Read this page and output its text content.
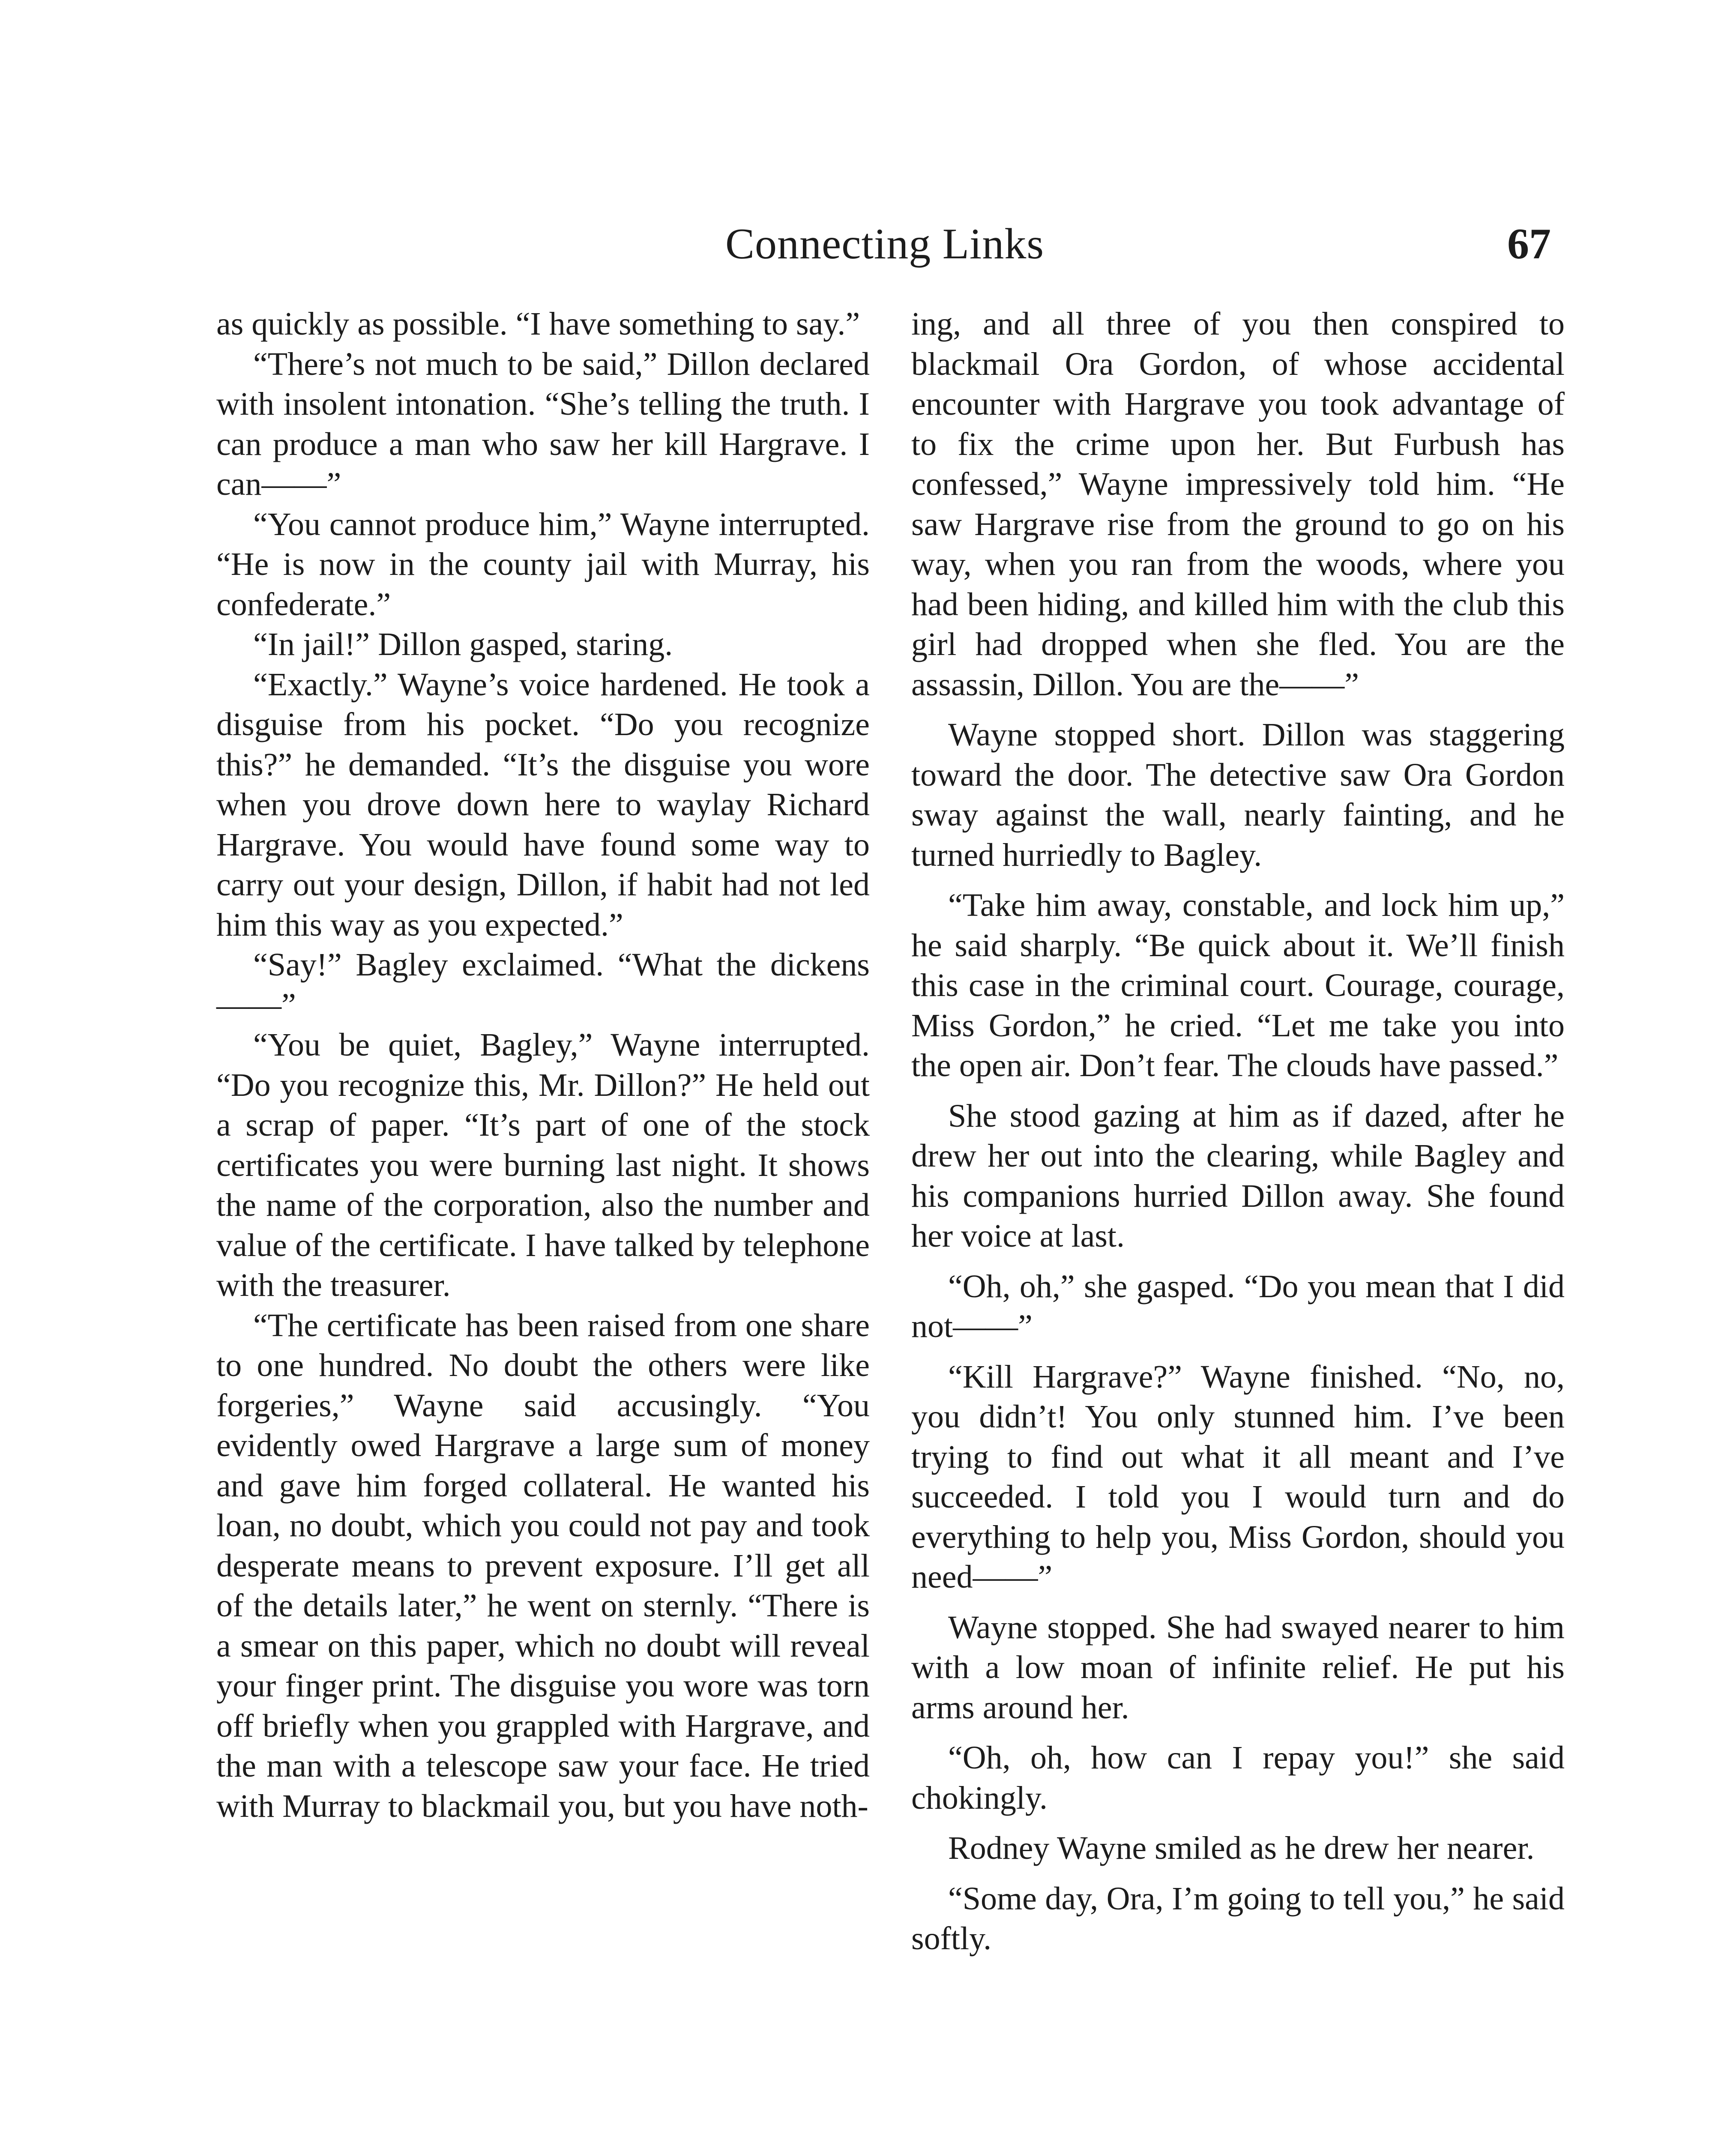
Connecting Links	67

as quickly as possible. “I have something to say.”

“There’s not much to be said,” Dillon declared with insolent intonation. “She’s telling the truth. I can produce a man who saw her kill Hargrave. I can——”

“You cannot produce him,” Wayne interrupted. “He is now in the county jail with Murray, his confederate.”

“In jail!” Dillon gasped, staring.

“Exactly.” Wayne’s voice hardened. He took a disguise from his pocket. “Do you recognize this?” he demanded. “It’s the disguise you wore when you drove down here to waylay Richard Hargrave. You would have found some way to carry out your design, Dillon, if habit had not led him this way as you expected.”

“Say!” Bagley exclaimed. “What the dickens——”

“You be quiet, Bagley,” Wayne interrupted. “Do you recognize this, Mr. Dillon?” He held out a scrap of paper. “It’s part of one of the stock certificates you were burning last night. It shows the name of the corporation, also the number and value of the certificate. I have talked by telephone with the treasurer.

“The certificate has been raised from one share to one hundred. No doubt the others were like forgeries,” Wayne said accusingly. “You evidently owed Hargrave a large sum of money and gave him forged collateral. He wanted his loan, no doubt, which you could not pay and took desperate means to prevent exposure. I’ll get all of the details later,” he went on sternly. “There is a smear on this paper, which no doubt will reveal your finger print. The disguise you wore was torn off briefly when you grappled with Hargrave, and the man with a telescope saw your face. He tried with Murray to blackmail you, but you have noth-

ing, and all three of you then conspired to blackmail Ora Gordon, of whose accidental encounter with Hargrave you took advantage of to fix the crime upon her. But Furbush has confessed,” Wayne impressively told him. “He saw Hargrave rise from the ground to go on his way, when you ran from the woods, where you had been hiding, and killed him with the club this girl had dropped when she fled. You are the assassin, Dillon. You are the——”

Wayne stopped short. Dillon was staggering toward the door. The detective saw Ora Gordon sway against the wall, nearly fainting, and he turned hurriedly to Bagley.

“Take him away, constable, and lock him up,” he said sharply. “Be quick about it. We’ll finish this case in the criminal court. Courage, courage, Miss Gordon,” he cried. “Let me take you into the open air. Don’t fear. The clouds have passed.”

She stood gazing at him as if dazed, after he drew her out into the clearing, while Bagley and his companions hurried Dillon away. She found her voice at last.

“Oh, oh,” she gasped. “Do you mean that I did not——”

“Kill Hargrave?” Wayne finished. “No, no, you didn’t! You only stunned him. I’ve been trying to find out what it all meant and I’ve succeeded. I told you I would turn and do everything to help you, Miss Gordon, should you need——”

Wayne stopped. She had swayed nearer to him with a low moan of infinite relief. He put his arms around her.

“Oh, oh, how can I repay you!” she said chokingly.

Rodney Wayne smiled as he drew her nearer.

“Some day, Ora, I’m going to tell you,” he said softly.
